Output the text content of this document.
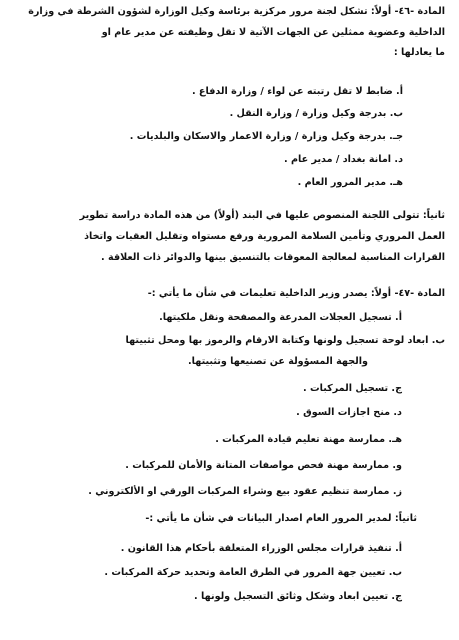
المادة -٤٦- أولاً: تشكل لجنة مرور مركزية برئاسة وكيل الوزارة لشؤون الشرطة في وزارة
الداخلية وعضوية ممثلين عن الجهات الآتية لا تقل وظيفته عن مدير عام او
ما يعادلها :
أ. ضابط لا تقل رتبته عن لواء / وزارة الدفاع .
ب. بدرجة وكيل وزارة / وزارة النقل .
جـ. بدرجة وكيل وزارة / وزارة الاعمار والاسكان والبلديات .
د. امانة بغداد / مدير عام .
هـ. مدير المرور العام .
ثانياً: تتولى اللجنة المنصوص عليها في البند (أولاً) من هذه المادة دراسة تطوير
العمل المروري وتأمين السلامة المرورية ورفع مستواه وتقليل العقبات واتخاذ
القرارات المناسبة لمعالجة المعوقات بالتنسيق بينها والدوائر ذات العلاقة .
المادة -٤٧- أولاً: يصدر وزير الداخلية تعليمات في شأن ما يأتي :-
أ. تسجيل العجلات المدرعة والمصفحة ونقل ملكيتها.
ب. ابعاد لوحة تسجيل ولونها وكتابة الارقام والرموز بها ومحل تثبيتها
والجهة المسؤولة عن تصنيعها وتثبيتها.
ج. تسجيل المركبات .
د. منح اجازات السوق .
هـ. ممارسة مهنة تعليم قيادة المركبات .
و. ممارسة مهنة فحص مواصفات المتانة والأمان للمركبات .
ز. ممارسة تنظيم عقود بيع وشراء المركبات الورقي او الألكتروني .
ثانياً: لمدير المرور العام اصدار البيانات في شأن ما يأتي :-
أ. تنفيذ قرارات مجلس الوزراء المتعلقة بأحكام هذا القانون .
ب. تعيين جهة المرور في الطرق العامة وتحديد حركة المركبات .
ج. تعيين ابعاد وشكل وثائق التسجيل ولونها .
